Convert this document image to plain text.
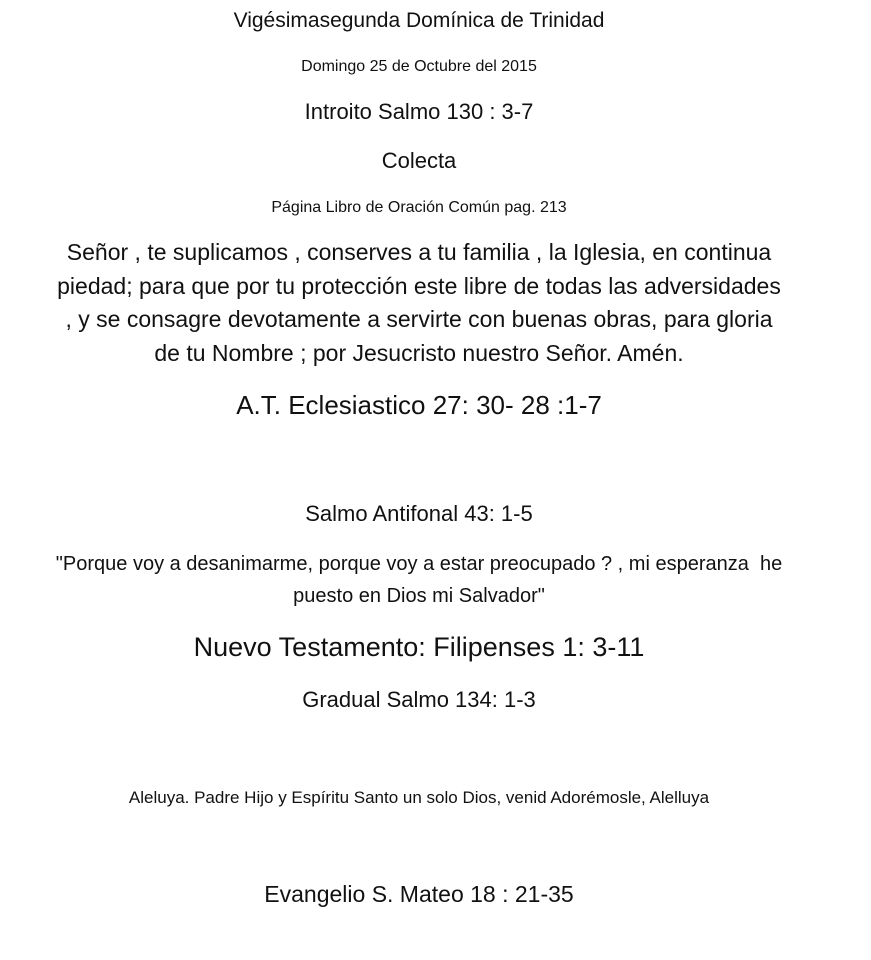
Vigésimasegunda Domínica de Trinidad
Domingo 25 de Octubre del 2015
Introito Salmo 130 : 3-7
Colecta
Página Libro de Oración Común pag. 213
Señor , te suplicamos , conserves a tu familia , la Iglesia, en continua
piedad; para que por tu protección este libre de todas las adversidades
, y se consagre devotamente a servirte con buenas obras, para gloria
de tu Nombre ; por Jesucristo nuestro Señor. Amén.
A.T. Eclesiastico 27: 30- 28 :1-7
Salmo Antifonal 43: 1-5
"Porque voy a desanimarme, porque voy a estar preocupado ? , mi esperanza  he
puesto en Dios mi Salvador"
Nuevo Testamento: Filipenses 1: 3-11
Gradual Salmo 134: 1-3
Aleluya. Padre Hijo y Espíritu Santo un solo Dios, venid Adorémosle, Alelluya
Evangelio S. Mateo 18 : 21-35
